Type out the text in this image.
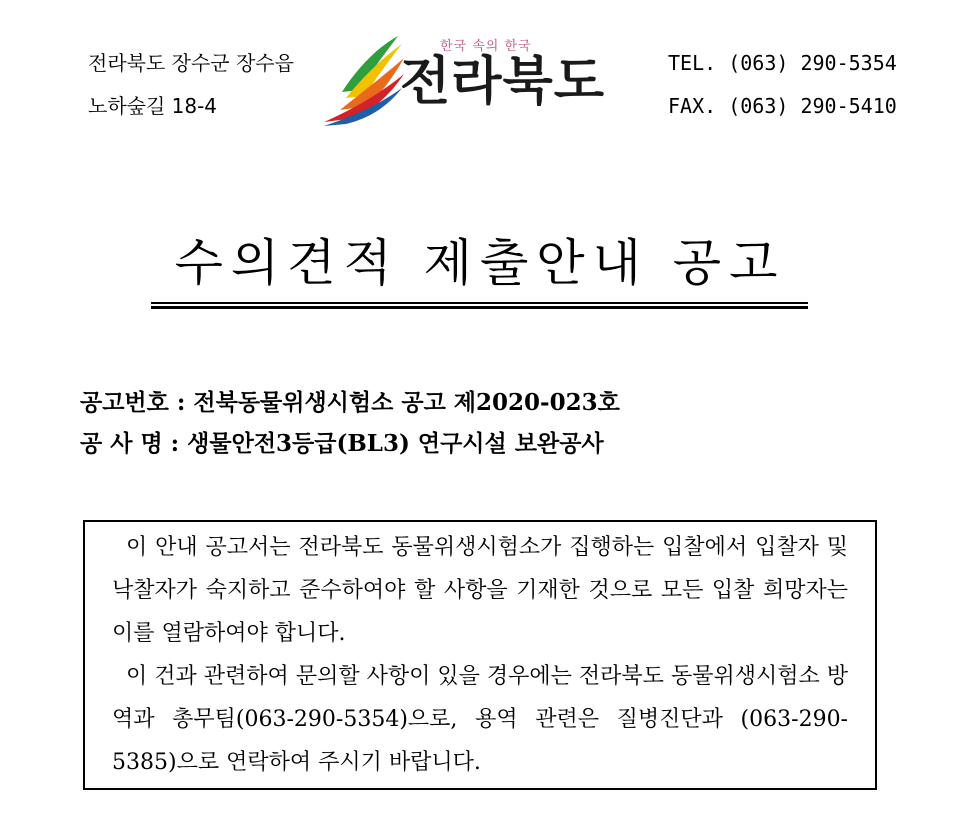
전라북도 장수군 장수읍
노하숲길 18-4
한국 속의 한국
전라북도	TEL. (063) 290-5354
FAX. (063) 290-5410
수의견적 제출안내 공고
공고번호 : 전북동물위생시험소 공고 제2020-023호
공 사 명 : 생물안전3등급(BL3) 연구시설 보완공사
이 안내 공고서는 전라북도 동물위생시험소가 집행하는 입찰에서 입찰자 및 낙찰자가 숙지하고 준수하여야 할 사항을 기재한 것으로 모든 입찰 희망자는 이를 열람하여야 합니다.
이 건과 관련하여 문의할 사항이 있을 경우에는 전라북도 동물위생시험소 방역과 총무팀(063-290-5354)으로, 용역 관련은 질병진단과 (063-290-5385)으로 연락하여 주시기 바랍니다.
